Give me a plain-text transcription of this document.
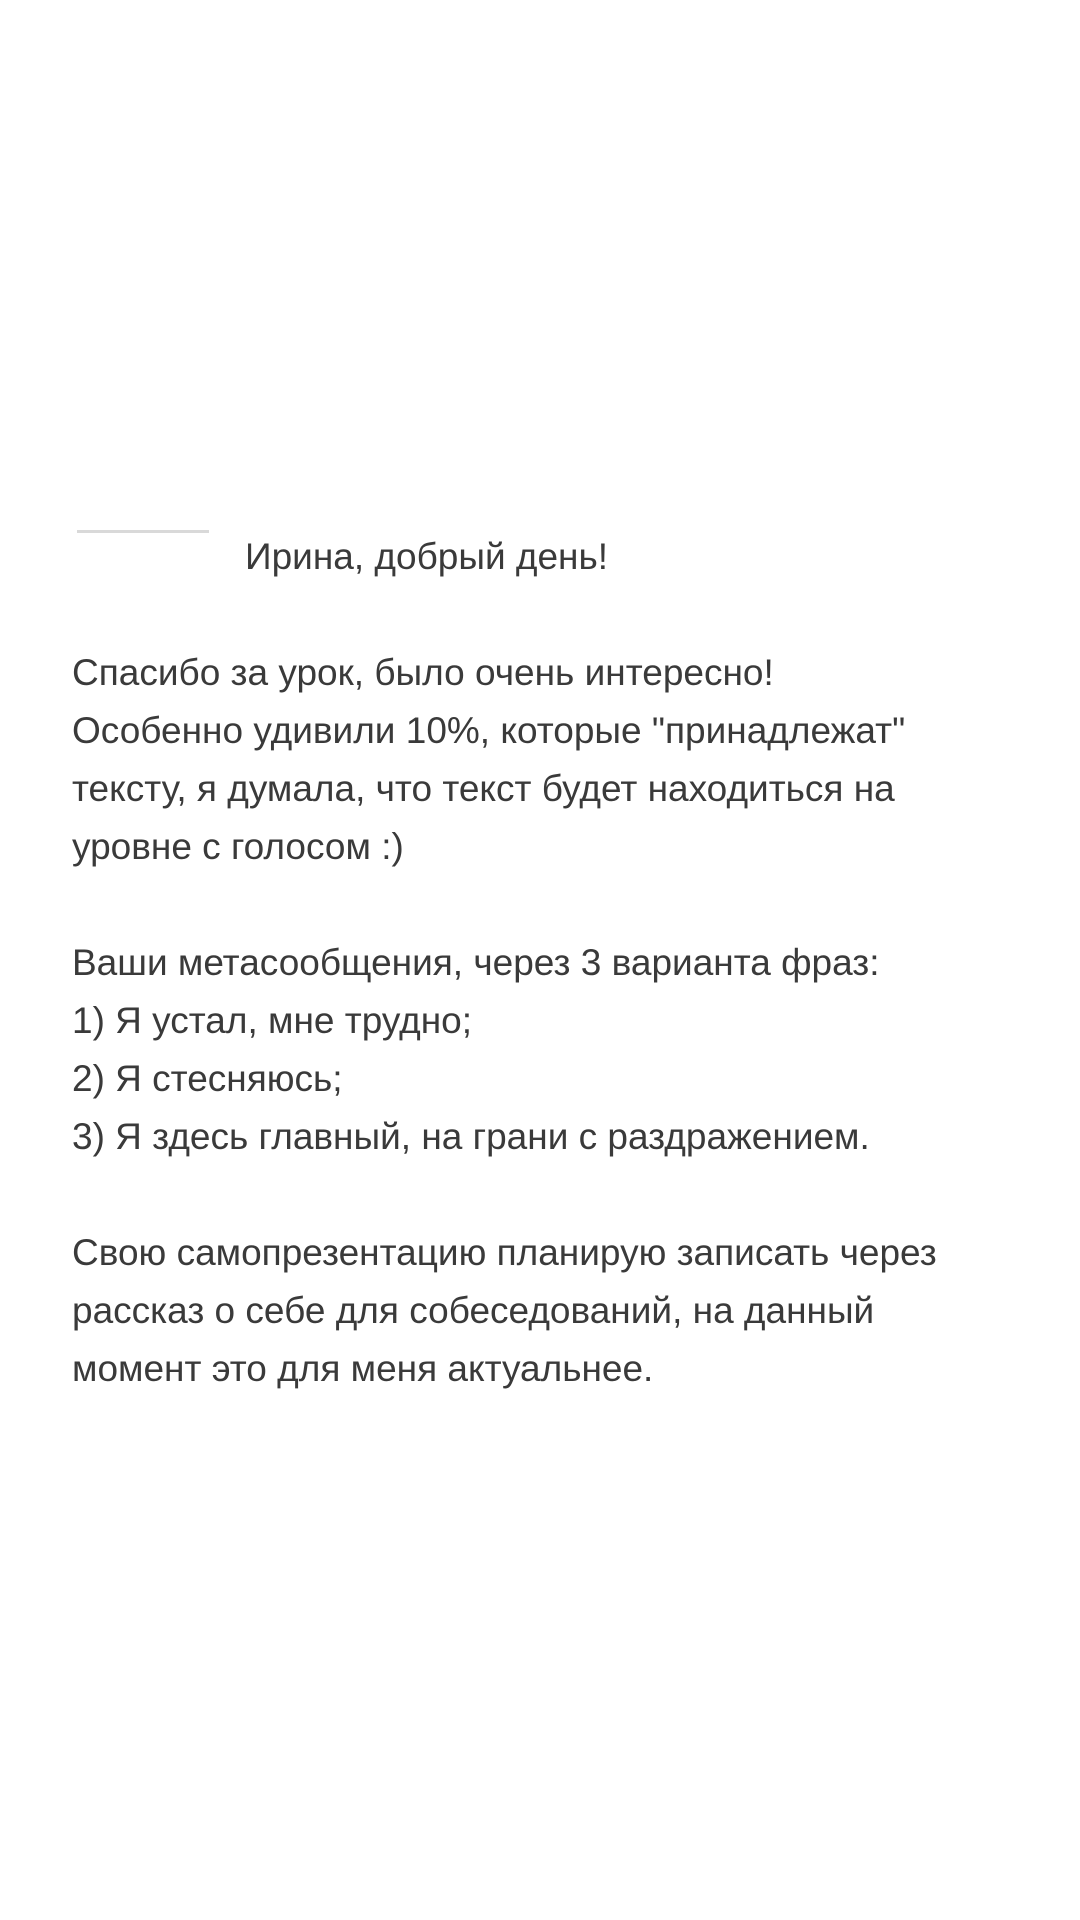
Ирина, добрый день!

Спасибо за урок, было очень интересно!
Особенно удивили 10%, которые "принадлежат"
тексту, я думала, что текст будет находиться на
уровне с голосом :)

Ваши метасообщения, через 3 варианта фраз:
1) Я устал, мне трудно;
2) Я стесняюсь;
3) Я здесь главный, на грани с раздражением.

Свою самопрезентацию планирую записать через
рассказ о себе для собеседований, на данный
момент это для меня актуальнее.
